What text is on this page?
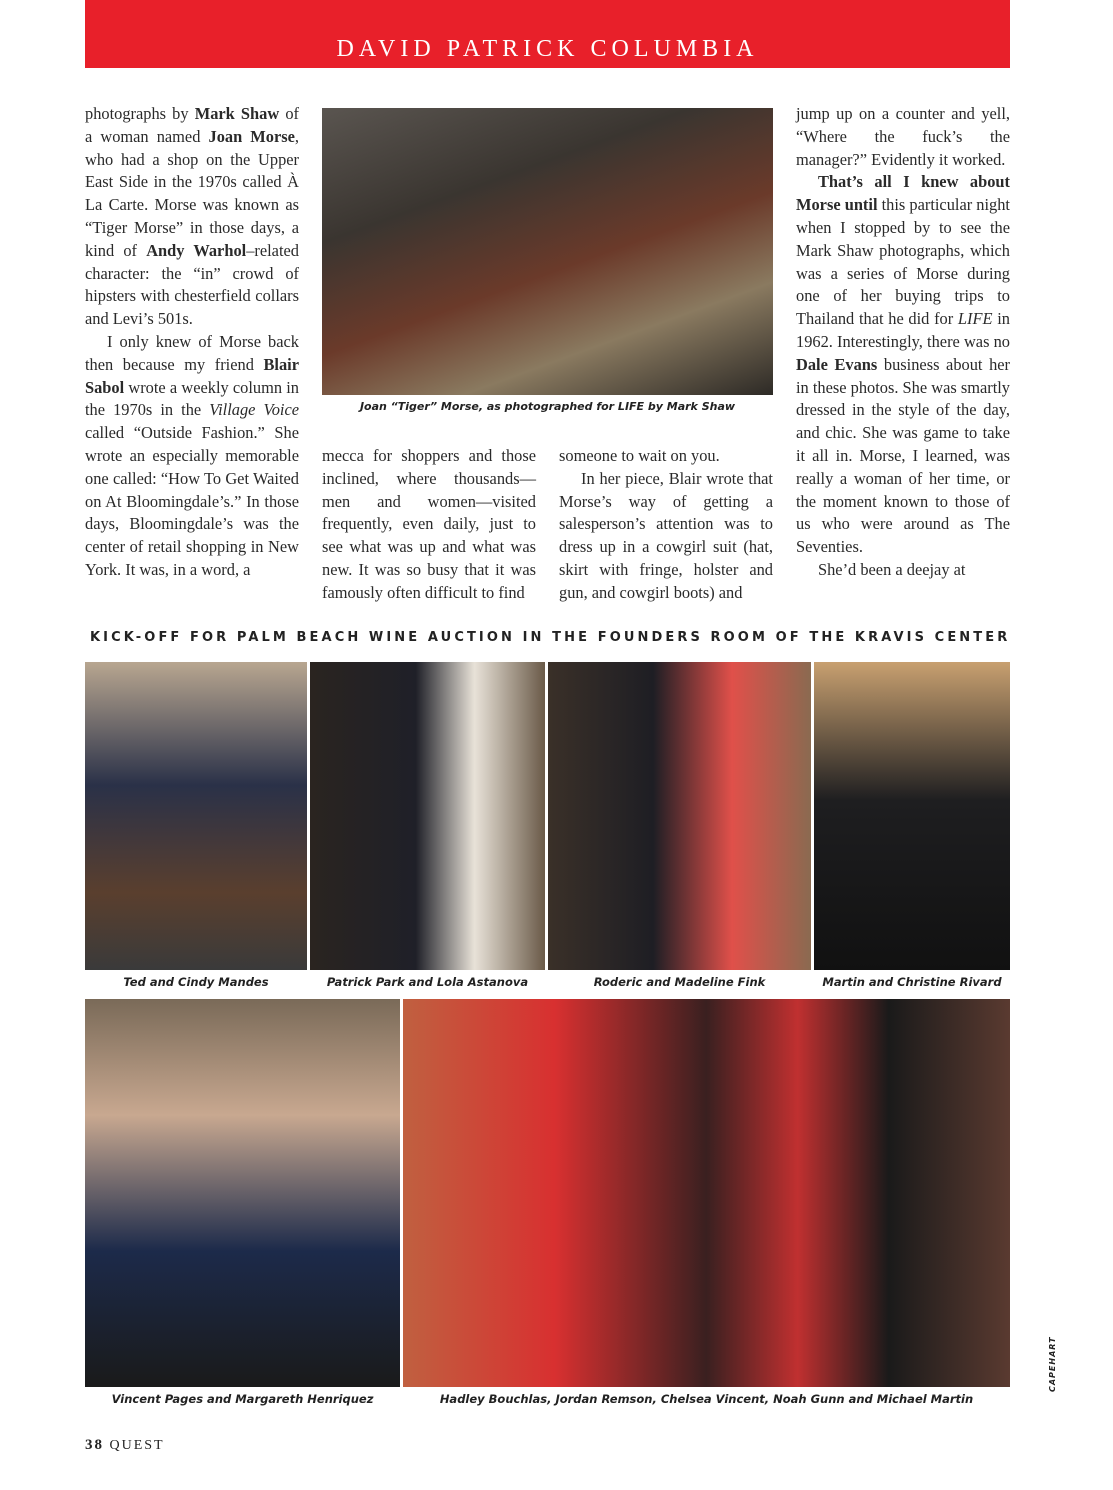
DAVID PATRICK COLUMBIA

photographs by Mark Shaw of a woman named Joan Morse, who had a shop on the Upper East Side in the 1970s called À La Carte. Morse was known as “Tiger Morse” in those days, a kind of Andy Warhol–related character: the “in” crowd of hipsters with chesterfield collars and Levi’s 501s.

I only knew of Morse back then because my friend Blair Sabol wrote a weekly column in the 1970s in the Village Voice called “Outside Fashion.” She wrote an especially memorable one called: “How To Get Waited on At Bloomingdale’s.” In those days, Bloomingdale’s was the center of retail shopping in New York. It was, in a word, a

mecca for shoppers and those inclined, where thousands—men and women—visited frequently, even daily, just to see what was up and what was new. It was so busy that it was famously often difficult to find

someone to wait on you.

In her piece, Blair wrote that Morse’s way of getting a salesperson’s attention was to dress up in a cowgirl suit (hat, skirt with fringe, holster and gun, and cowgirl boots) and

jump up on a counter and yell, “Where the fuck’s the manager?” Evidently it worked.

That’s all I knew about Morse until this particular night when I stopped by to see the Mark Shaw photographs, which was a series of Morse during one of her buying trips to Thailand that he did for LIFE in 1962. Interestingly, there was no Dale Evans business about her in these photos. She was smartly dressed in the style of the day, and chic. She was game to take it all in. Morse, I learned, was really a woman of her time, or the moment known to those of us who were around as The Seventies.

She’d been a deejay at

Joan “Tiger” Morse, as photographed for LIFE by Mark Shaw
KICK-OFF FOR PALM BEACH WINE AUCTION IN THE FOUNDERS ROOM OF THE KRAVIS CENTER
Ted and Cindy Mandes	Patrick Park and Lola Astanova	Roderic and Madeline Fink	Martin and Christine Rivard
Vincent Pages and Margareth Henriquez	Hadley Bouchlas, Jordan Remson, Chelsea Vincent, Noah Gunn and Michael Martin
CAPEHART
38 QUEST
